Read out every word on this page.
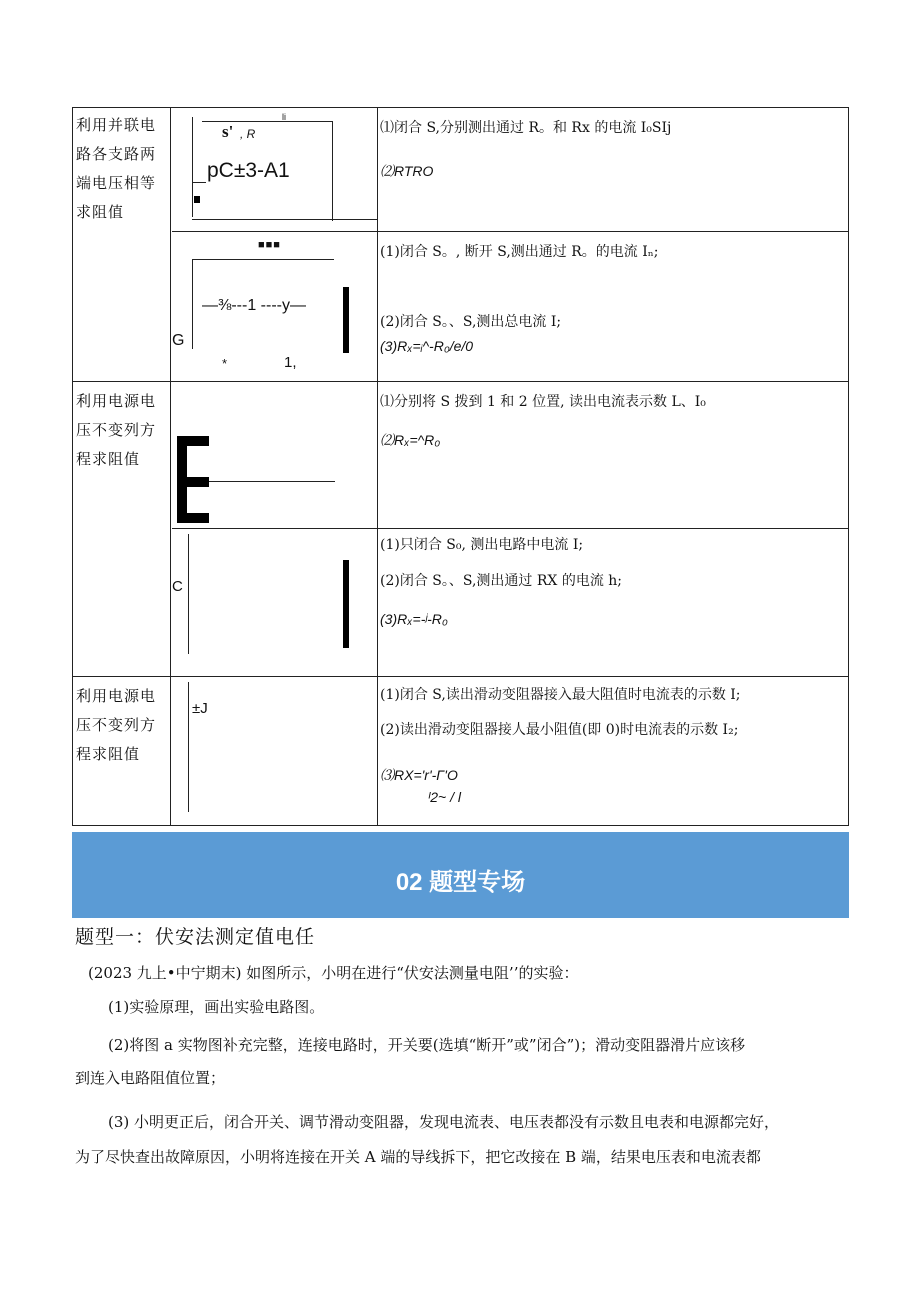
利用并联电
路各支路两
端电压相等
求阻值
利用电源电
压不变列方
程求阻值
利用电源电
压不变列方
程求阻值
li
s' , R
pC±3-A1
■■■
—⅜---1 ----y—
G
*	1,
C
±J

⑴闭合 S,分别测出通过 R。和 Rx 的电流 I₀SIj

⑵RTRO

(1)闭合 S。, 断开 S,测出通过 R。的电流 Iₙ;

(2)闭合 S。、S,测出总电流 I;

(3)Rₓ=ᵢ^-R₀/e/0

⑴分别将 S 拨到 1 和 2 位置, 读出电流表示数 L、I₀

⑵Rₓ=^R₀

(1)只闭合 S₀, 测出电路中电流 I;

(2)闭合 S。、S,测出通过 RX 的电流 h;

(3)Rₓ=-ʲ-R₀

(1)闭合 S,读出滑动变阻器接入最大阻值时电流表的示数 I;

(2)读出滑动变阻器接人最小阻值(即 0)时电流表的示数 I₂;

⑶RX='r'-Γ'O

ᴵ2~ / l

02 题型专场
题型一：伏安法测定值电任
(2023 九上•中宁期末) 如图所示，小明在进行“伏安法测量电阻’’的实验：
(1)实验原理，画出实验电路图。
(2)将图 a 实物图补充完整，连接电路时，开关要(选填“断开”或”闭合”)；滑动变阻器滑片应该移
到连入电路阻值位置；
(3) 小明更正后，闭合开关、调节滑动变阻器，发现电流表、电压表都没有示数且电表和电源都完好，
为了尽快查出故障原因，小明将连接在开关 A 端的导线拆下，把它改接在 B 端，结果电压表和电流表都
